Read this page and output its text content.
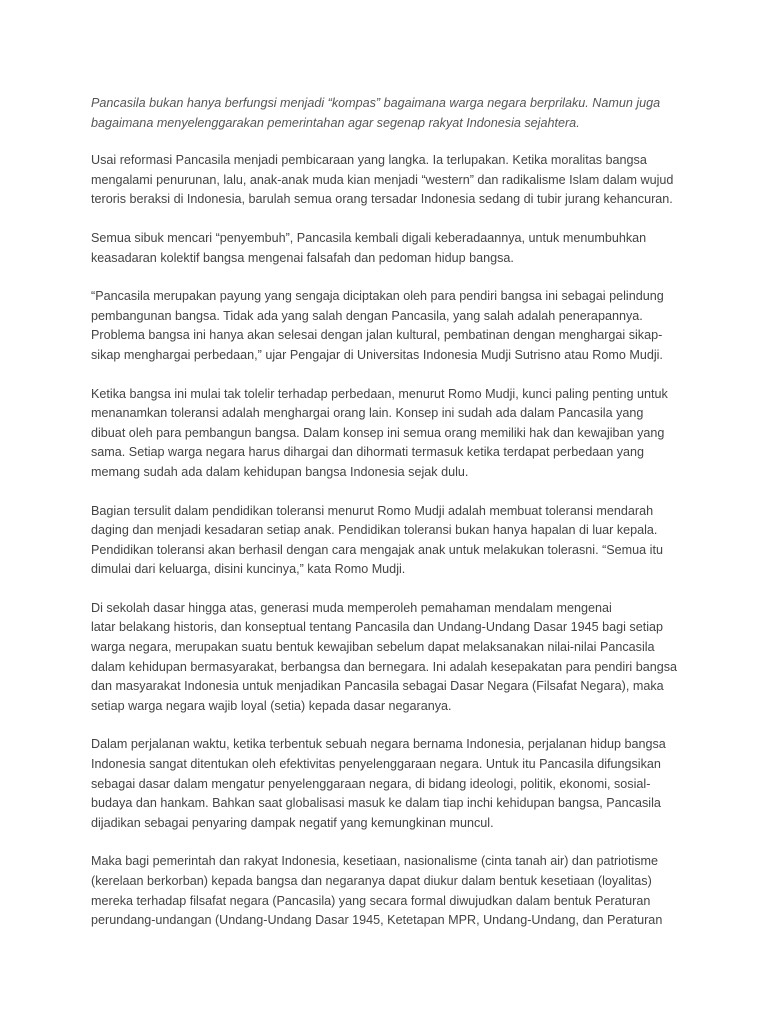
Pancasila bukan hanya berfungsi menjadi “kompas” bagaimana warga negara berprilaku. Namun juga
bagaimana menyelenggarakan pemerintahan agar segenap rakyat Indonesia sejahtera.

Usai reformasi Pancasila menjadi pembicaraan yang langka. Ia terlupakan. Ketika moralitas bangsa
mengalami penurunan, lalu, anak-anak muda kian menjadi “western” dan radikalisme Islam dalam wujud
teroris beraksi di Indonesia, barulah semua orang tersadar Indonesia sedang di tubir jurang kehancuran.

Semua sibuk mencari “penyembuh”, Pancasila kembali digali keberadaannya, untuk menumbuhkan
keasadaran kolektif bangsa mengenai falsafah dan pedoman hidup bangsa.

“Pancasila merupakan payung yang sengaja diciptakan oleh para pendiri bangsa ini sebagai pelindung
pembangunan bangsa. Tidak ada yang salah dengan Pancasila, yang salah adalah penerapannya.
Problema bangsa ini hanya akan selesai dengan jalan kultural, pembatinan dengan menghargai sikap-
sikap menghargai perbedaan,” ujar Pengajar di Universitas Indonesia Mudji Sutrisno atau Romo Mudji.

Ketika bangsa ini mulai tak tolelir terhadap perbedaan, menurut Romo Mudji, kunci paling penting untuk
menanamkan toleransi adalah menghargai orang lain. Konsep ini sudah ada dalam Pancasila yang
dibuat oleh para pembangun bangsa. Dalam konsep ini semua orang memiliki hak dan kewajiban yang
sama. Setiap warga negara harus dihargai dan dihormati termasuk ketika terdapat perbedaan yang
memang sudah ada dalam kehidupan bangsa Indonesia sejak dulu.

Bagian tersulit dalam pendidikan toleransi menurut Romo Mudji adalah membuat toleransi mendarah
daging dan menjadi kesadaran setiap anak. Pendidikan toleransi bukan hanya hapalan di luar kepala.
Pendidikan toleransi akan berhasil dengan cara mengajak anak untuk melakukan tolerasni. “Semua itu
dimulai dari keluarga, disini kuncinya,” kata Romo Mudji.

Di sekolah dasar hingga atas, generasi muda memperoleh pemahaman mendalam mengenai
latar belakang historis, dan konseptual tentang Pancasila dan Undang-Undang Dasar 1945 bagi setiap
warga negara, merupakan suatu bentuk kewajiban sebelum dapat melaksanakan nilai-nilai Pancasila
dalam kehidupan bermasyarakat, berbangsa dan bernegara. Ini adalah kesepakatan para pendiri bangsa
dan masyarakat Indonesia untuk menjadikan Pancasila sebagai Dasar Negara (Filsafat Negara), maka
setiap warga negara wajib loyal (setia) kepada dasar negaranya.

Dalam perjalanan waktu, ketika terbentuk sebuah negara bernama Indonesia, perjalanan hidup bangsa
Indonesia sangat ditentukan oleh efektivitas penyelenggaraan negara. Untuk itu Pancasila difungsikan
sebagai dasar dalam mengatur penyelenggaraan negara, di bidang ideologi, politik, ekonomi, sosial-
budaya dan hankam. Bahkan saat globalisasi masuk ke dalam tiap inchi kehidupan bangsa, Pancasila
dijadikan sebagai penyaring dampak negatif yang kemungkinan muncul.

Maka bagi pemerintah dan rakyat Indonesia, kesetiaan, nasionalisme (cinta tanah air) dan patriotisme
(kerelaan berkorban) kepada bangsa dan negaranya dapat diukur dalam bentuk kesetiaan (loyalitas)
mereka terhadap filsafat negara (Pancasila) yang secara formal diwujudkan dalam bentuk Peraturan
perundang-undangan (Undang-Undang Dasar 1945, Ketetapan MPR, Undang-Undang, dan Peraturan
